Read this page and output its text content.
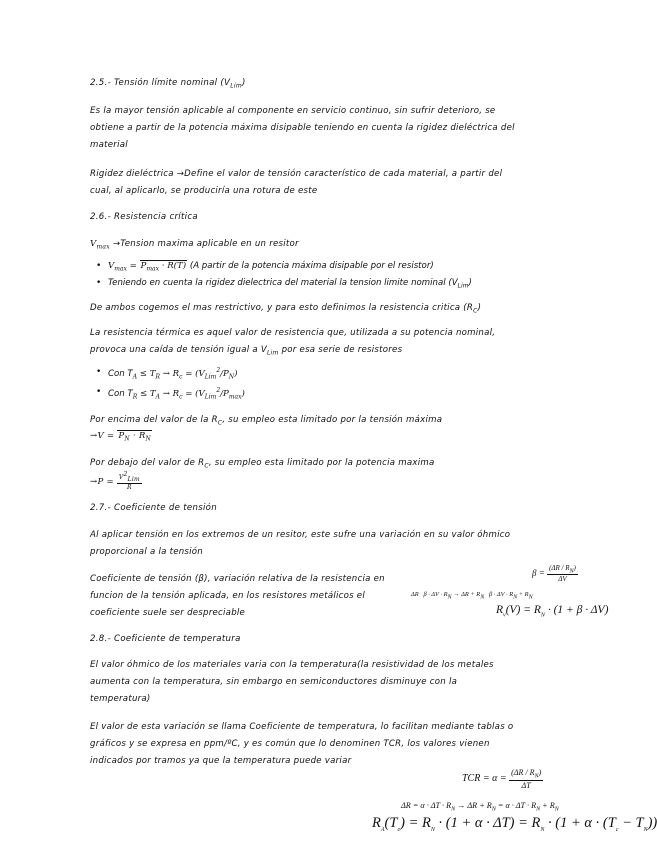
2.5.- Tensión límite nominal $(V_{Lim})$
Es la mayor tensión aplicable al componente en servicio continuo, sin sufrir deterioro, se
obtiene a partir de la potencia máxima disipable teniendo en cuenta la rigidez dieléctrica del
material
Rigidez dieléctrica →Define el valor de tensión característico de cada material, a partir del
cual, al aplicarlo, se produciría una rotura de este
2.6.- Resistencia crítica
$V_{max}$ →Tension maxima aplicable en un resitor
• $V_{max} = P_{max} \cdot R(T)$ (A partir de la potencia máxima disipable por el resistor)
• Teniendo en cuenta la rigidez dielectrica del material la tension limite nominal $(V_{Lim})$
De ambos cogemos el mas restrictivo, y para esto definimos la resistencia critica $(R_C)$
La resistencia térmica es aquel valor de resistencia que, utilizada a su potencia nominal,
provoca una caída de tensión igual a $V_{Lim}$ por esa serie de resistores
• Con $T_A \le T_R \to R_c = (V_{Lim}^2/P_N)$
• Con $T_R \le T_A \to R_c = (V_{Lim}^2/P_{max})$
Por encima del valor de la $R_C$, su empleo esta limitado por la tensión máxima
$\to V = P_N \cdot R_N$
Por debajo del valor de $R_C$, su empleo esta limitado por la potencia maxima
$\to P = \frac{V^2_{Lim}}{R}$
2.7.- Coeficiente de tensión
Al aplicar tensión en los extremos de un resitor, este sufre una variación en su valor óhmico
proporcional a la tensión
Coeficiente de tensión (β), variación relativa de la resistencia en
funcion de la tensión aplicada, en los resistores metálicos el
coeficiente suele ser despreciable
$\beta = \frac{(\Delta R / R_N)}{\Delta V}$
ΔR   $\beta \cdot \Delta V \cdot R_N \to \Delta R + R_N$   $\beta \cdot \Delta V \cdot R_N + R_N$
$R_v(V) = R_N \cdot (1 + \beta \cdot \Delta V)$
2.8.- Coeficiente de temperatura
El valor óhmico de los materiales varia con la temperatura(la resistividad de los metales
aumenta con la temperatura, sin embargo en semiconductores disminuye con la
temperatura)
El valor de esta variación se llama Coeficiente de temperatura, lo facilitan mediante tablas o
gráficos y se expresa en ppm/ºC, y es común que lo denominen TCR, los valores vienen
indicados por tramos ya que la temperatura puede variar
TCR = $\alpha = \frac{(\Delta R / R_N)}{\Delta T}$
$\Delta R = \alpha \cdot \Delta T \cdot R_N \to \Delta R + R_N = \alpha \cdot \Delta T \cdot R_N + R_N$
$R_A(T_c) = R_N \cdot (1 + \alpha \cdot \Delta T) = R_N \cdot (1 + \alpha \cdot (T_c - T_N))$
